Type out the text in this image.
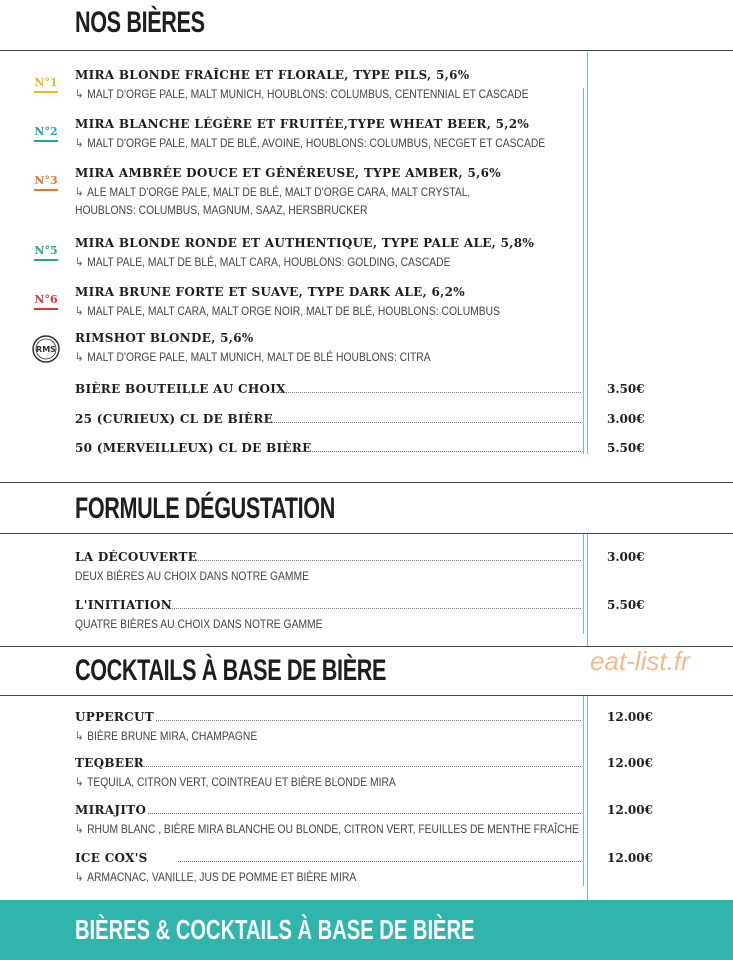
NOS BIÈRES
N°1
MIRA BLONDE FRAÎCHE ET FLORALE, TYPE PILS, 5,6%
↳ MALT D'ORGE PALE, MALT MUNICH, HOUBLONS: COLUMBUS, CENTENNIAL ET CASCADE
N°2
MIRA BLANCHE LÉGÈRE ET FRUITÉE,TYPE WHEAT BEER, 5,2%
↳ MALT D'ORGE PALE, MALT DE BLÉ, AVOINE, HOUBLONS: COLUMBUS, NECGET ET CASCADE
N°3
MIRA AMBRÉE DOUCE ET GÉNÉREUSE, TYPE AMBER, 5,6%
↳ ALE MALT D'ORGE PALE, MALT DE BLÉ, MALT D'ORGE CARA, MALT CRYSTAL,
HOUBLONS: COLUMBUS, MAGNUM, SAAZ, HERSBRUCKER
N°5
MIRA BLONDE RONDE ET AUTHENTIQUE, TYPE PALE ALE, 5,8%
↳ MALT PALE, MALT DE BLÉ, MALT CARA, HOUBLONS: GOLDING, CASCADE
N°6
MIRA BRUNE FORTE ET SUAVE, TYPE DARK ALE, 6,2%
↳ MALT PALE, MALT CARA, MALT ORGE NOIR, MALT DE BLÉ, HOUBLONS: COLUMBUS
RMS
RIMSHOT BLONDE, 5,6%
↳ MALT D'ORGE PALE, MALT MUNICH, MALT DE BLÉ HOUBLONS: CITRA
BIÈRE BOUTEILLE AU CHOIX	3.50€
25 (CURIEUX) CL DE BIÈRE	3.00€
50 (MERVEILLEUX) CL DE BIÈRE	5.50€
FORMULE DÉGUSTATION
LA DÉCOUVERTE	3.00€
DEUX BIÈRES AU CHOIX DANS NOTRE GAMME
L'INITIATION	5.50€
QUATRE BIÈRES AU CHOIX DANS NOTRE GAMME
COCKTAILS À BASE DE BIÈRE	eat-list.fr
UPPERCUT	12.00€
↳ BIÈRE BRUNE MIRA, CHAMPAGNE
TEQBEER	12.00€
↳ TEQUILA, CITRON VERT, COINTREAU ET BIÈRE BLONDE MIRA
MIRAJITO	12.00€
↳ RHUM BLANC , BIÈRE MIRA BLANCHE OU BLONDE, CITRON VERT, FEUILLES DE MENTHE FRAÎCHE
ICE COX'S	12.00€
↳ ARMACNAC, VANILLE, JUS DE POMME ET BIÈRE MIRA
BIÈRES & COCKTAILS À BASE DE BIÈRE
